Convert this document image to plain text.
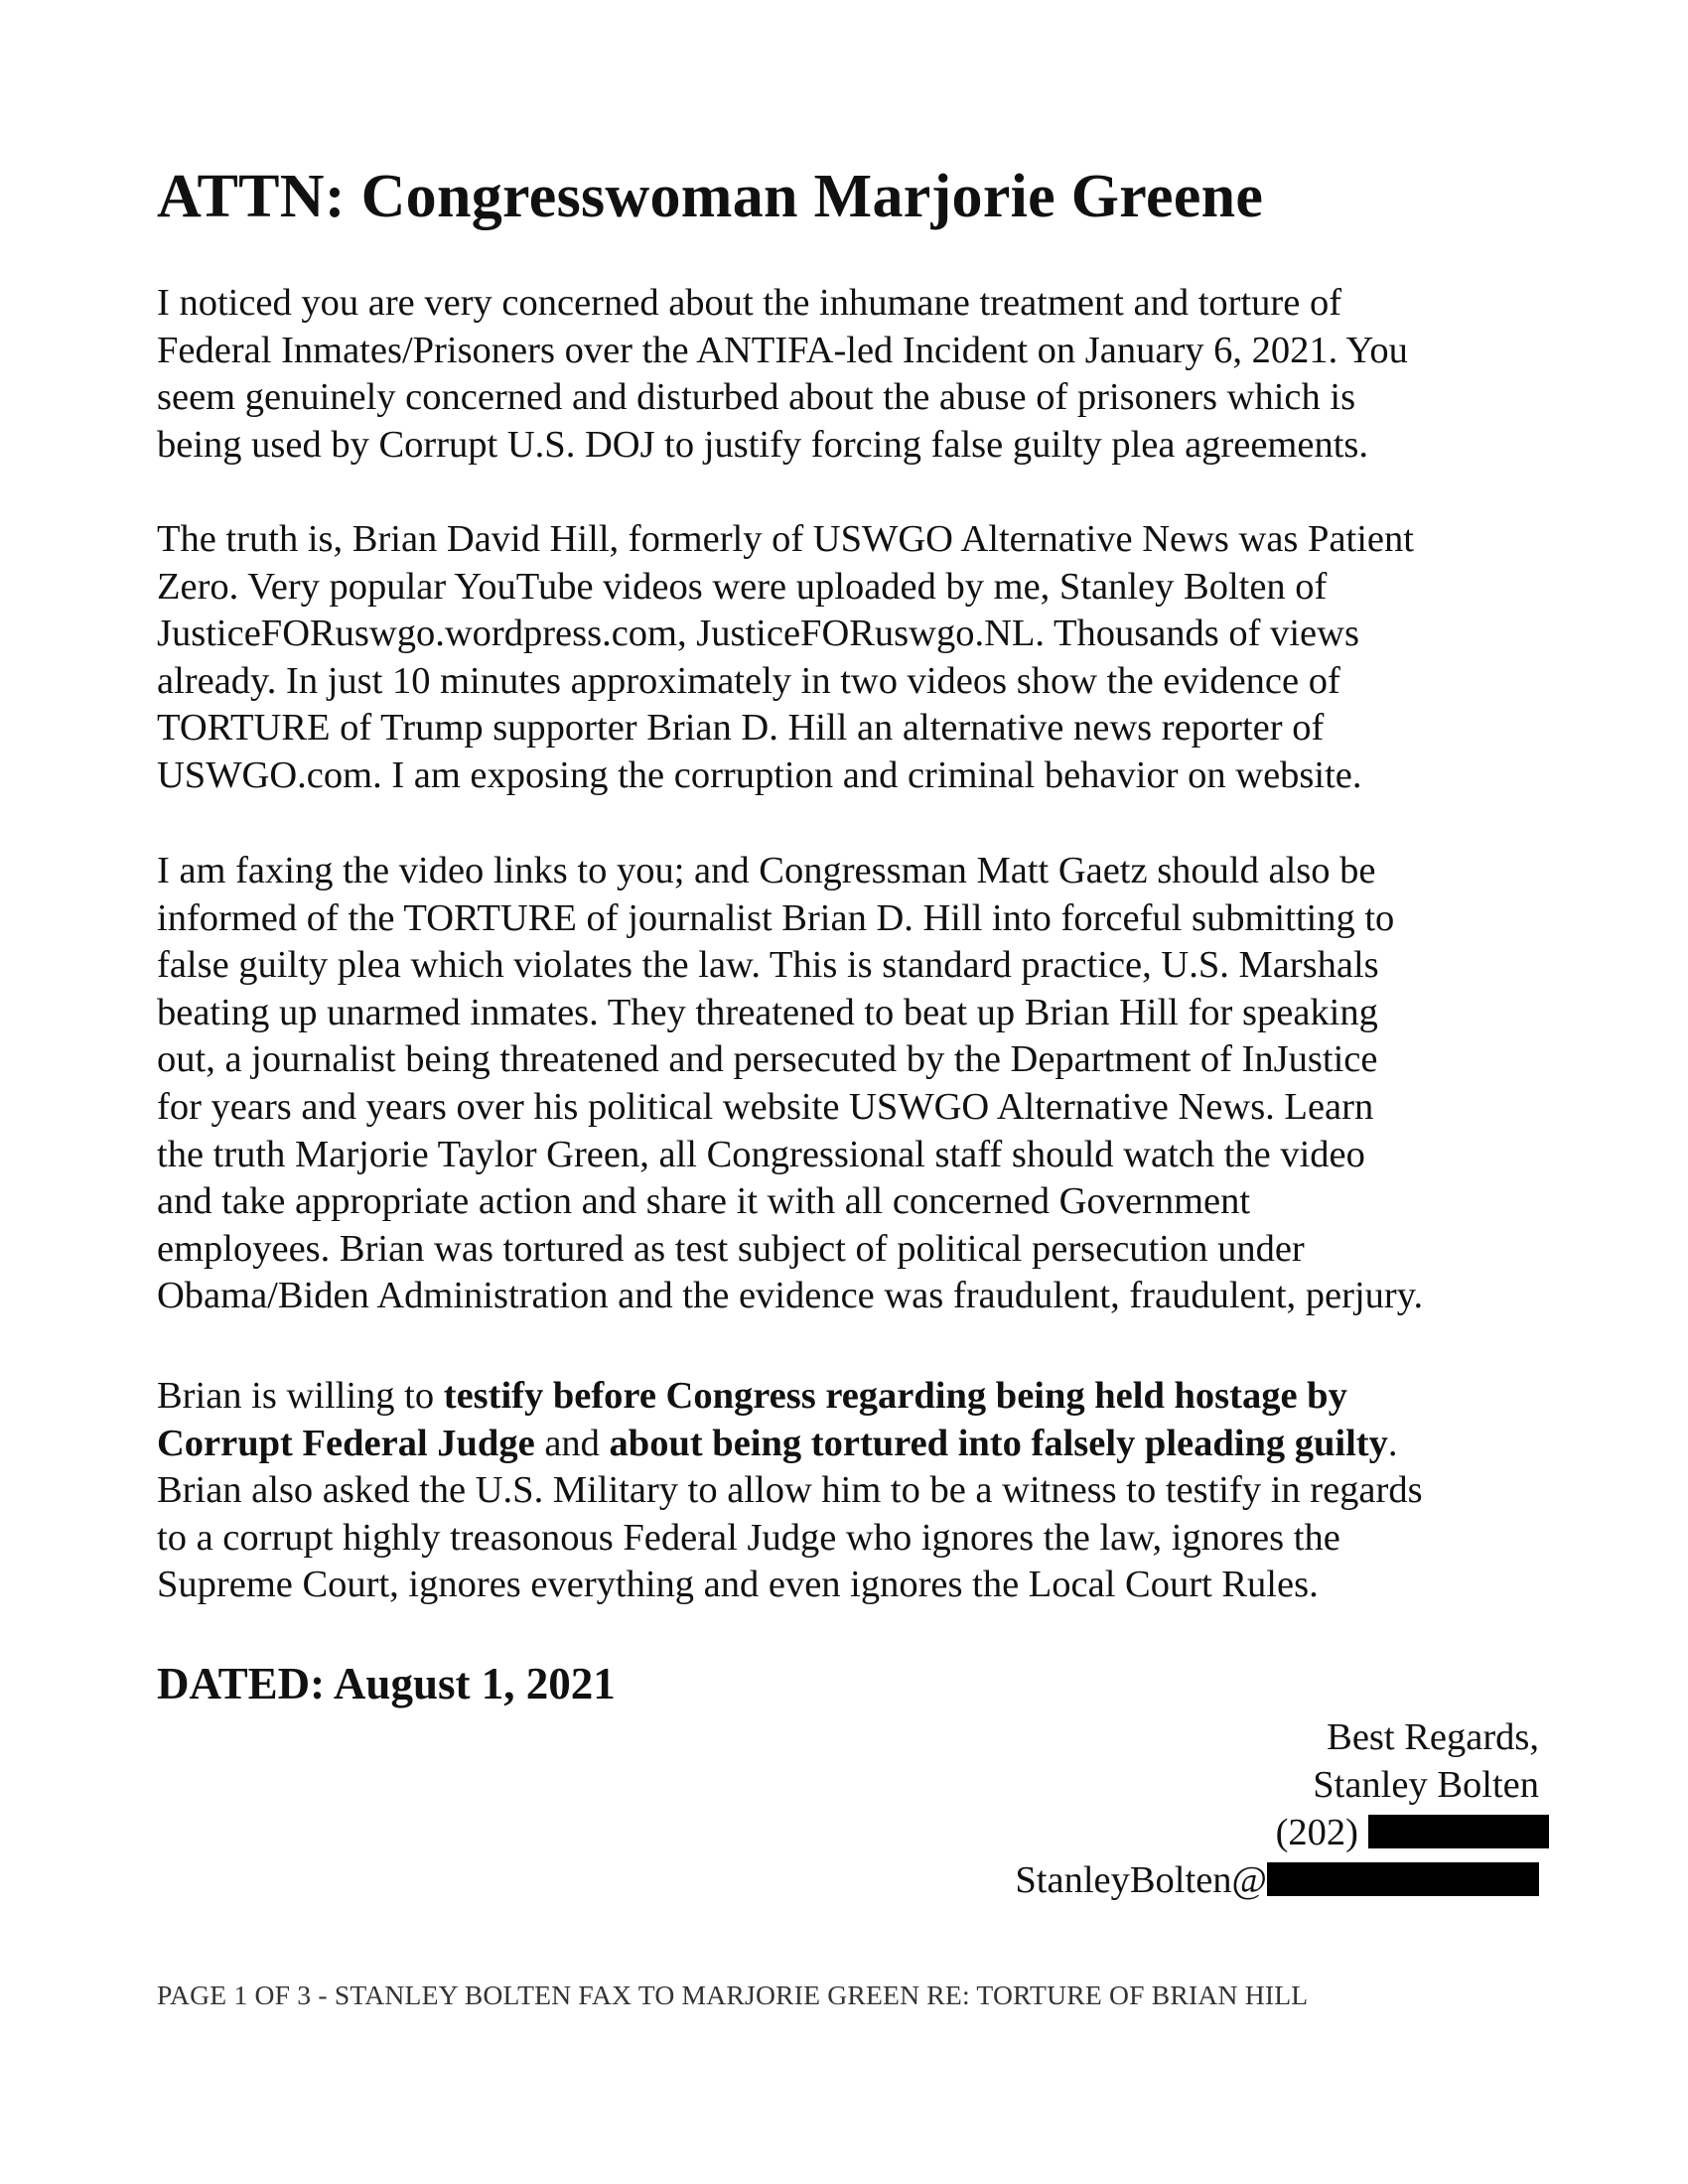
ATTN: Congresswoman Marjorie Greene

I noticed you are very concerned about the inhumane treatment and torture of
Federal Inmates/Prisoners over the ANTIFA-led Incident on January 6, 2021. You
seem genuinely concerned and disturbed about the abuse of prisoners which is
being used by Corrupt U.S. DOJ to justify forcing false guilty plea agreements.

The truth is, Brian David Hill, formerly of USWGO Alternative News was Patient
Zero. Very popular YouTube videos were uploaded by me, Stanley Bolten of
JusticeFORuswgo.wordpress.com, JusticeFORuswgo.NL. Thousands of views
already. In just 10 minutes approximately in two videos show the evidence of
TORTURE of Trump supporter Brian D. Hill an alternative news reporter of
USWGO.com. I am exposing the corruption and criminal behavior on website.

I am faxing the video links to you; and Congressman Matt Gaetz should also be
informed of the TORTURE of journalist Brian D. Hill into forceful submitting to
false guilty plea which violates the law. This is standard practice, U.S. Marshals
beating up unarmed inmates. They threatened to beat up Brian Hill for speaking
out, a journalist being threatened and persecuted by the Department of InJustice
for years and years over his political website USWGO Alternative News. Learn
the truth Marjorie Taylor Green, all Congressional staff should watch the video
and take appropriate action and share it with all concerned Government
employees. Brian was tortured as test subject of political persecution under
Obama/Biden Administration and the evidence was fraudulent, fraudulent, perjury.

Brian is willing to testify before Congress regarding being held hostage by
Corrupt Federal Judge and about being tortured into falsely pleading guilty.
Brian also asked the U.S. Military to allow him to be a witness to testify in regards
to a corrupt highly treasonous Federal Judge who ignores the law, ignores the
Supreme Court, ignores everything and even ignores the Local Court Rules.

DATED: August 1, 2021

Best Regards,
Stanley Bolten
(202)
StanleyBolten@

PAGE 1 OF 3 - STANLEY BOLTEN FAX TO MARJORIE GREEN RE: TORTURE OF BRIAN HILL
